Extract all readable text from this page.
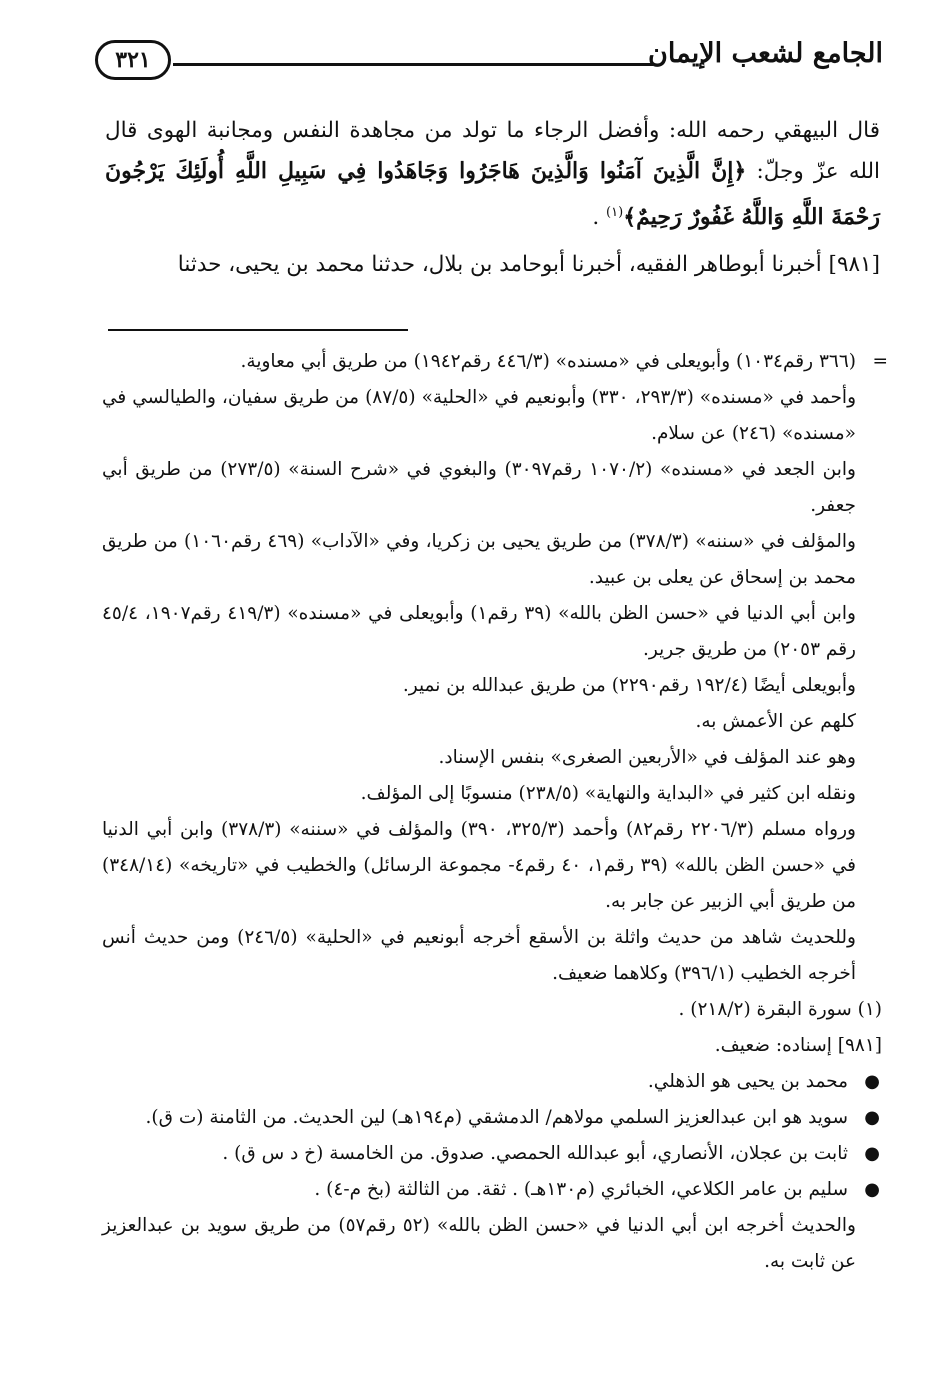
الجامع لشعب الإيمان
٣٢١

قال البيهقي رحمه الله: وأفضل الرجاء ما تولد من مجاهدة النفس ومجانبة الهوى قال الله عزّ وجلّ: ﴿إِنَّ الَّذِينَ آمَنُوا وَالَّذِينَ هَاجَرُوا وَجَاهَدُوا فِي سَبِيلِ اللَّهِ أُولَئِكَ يَرْجُونَ رَحْمَةَ اللَّهِ وَاللَّهُ غَفُورٌ رَحِيمٌ﴾$^{(١)}$ .

[٩٨١] أخبرنا أبوطاهر الفقيه، أخبرنا أبوحامد بن بلال، حدثنا محمد بن يحيى، حدثنا

=
(٣٦٦ رقم١٠٣٤) وأبويعلى في «مسنده» (٤٤٦/٣ رقم١٩٤٢) من طريق أبي معاوية.

وأحمد في «مسنده» (٢٩٣/٣، ٣٣٠) وأبونعيم في «الحلية» (٨٧/٥) من طريق سفيان، والطيالسي في «مسنده» (٢٤٦) عن سلام.

وابن الجعد في «مسنده» (١٠٧٠/٢ رقم٣٠٩٧) والبغوي في «شرح السنة» (٢٧٣/٥) من طريق أبي جعفر.

والمؤلف في «سننه» (٣٧٨/٣) من طريق يحيى بن زكريا، وفي «الآداب» (٤٦٩ رقم١٠٦٠) من طريق محمد بن إسحاق عن يعلى بن عبيد.

وابن أبي الدنيا في «حسن الظن بالله» (٣٩ رقم١) وأبويعلى في «مسنده» (٤١٩/٣ رقم١٩٠٧، ٤٥/٤ رقم ٢٠٥٣) من طريق جرير.

وأبويعلى أيضًا (١٩٢/٤ رقم٢٢٩٠) من طريق عبدالله بن نمير.

كلهم عن الأعمش به.

وهو عند المؤلف في «الأربعين الصغرى» بنفس الإسناد.

ونقله ابن كثير في «البداية والنهاية» (٢٣٨/٥) منسوبًا إلى المؤلف.

ورواه مسلم (٢٢٠٦/٣ رقم٨٢) وأحمد (٣٢٥/٣، ٣٩٠) والمؤلف في «سننه» (٣٧٨/٣) وابن أبي الدنيا في «حسن الظن بالله» (٣٩ رقم١، ٤٠ رقم٤- مجموعة الرسائل) والخطيب في «تاريخه» (٣٤٨/١٤) من طريق أبي الزبير عن جابر به.

وللحديث شاهد من حديث واثلة بن الأسقع أخرجه أبونعيم في «الحلية» (٢٤٦/٥) ومن حديث أنس أخرجه الخطيب (٣٩٦/١) وكلاهما ضعيف.

(١) سورة البقرة (٢١٨/٢) .

[٩٨١] إسناده: ضعيف.

●
محمد بن يحيى هو الذهلي.

●
سويد هو ابن عبدالعزيز السلمي مولاهم/ الدمشقي (م١٩٤هـ) لين الحديث. من الثامنة (ت ق).

●
ثابت بن عجلان، الأنصاري، أبو عبدالله الحمصي. صدوق. من الخامسة (خ د س ق) .

●
سليم بن عامر الكلاعي، الخبائري (م١٣٠هـ) . ثقة. من الثالثة (بخ م-٤) .

والحديث أخرجه ابن أبي الدنيا في «حسن الظن بالله» (٥٢ رقم٥٧) من طريق سويد بن عبدالعزيز عن ثابت به.
